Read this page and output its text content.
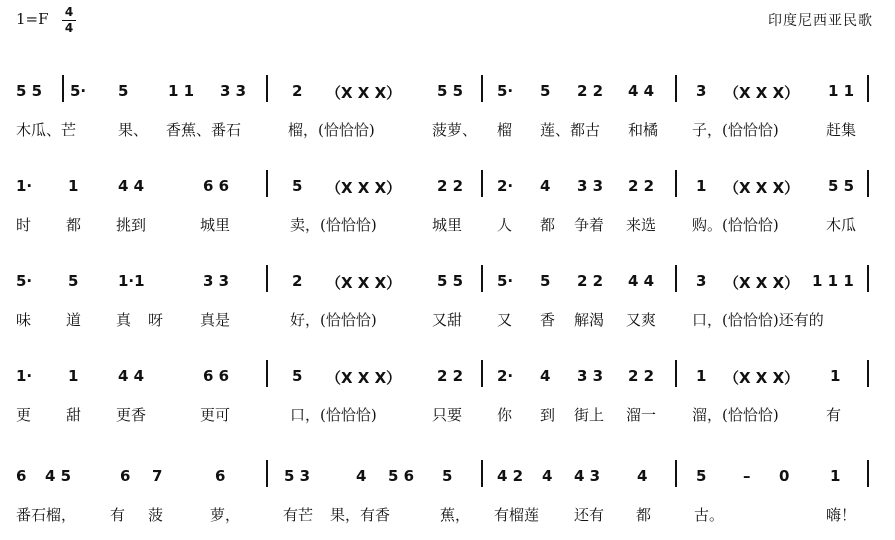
1=F 4
4	印度尼西亚民歌
5 5 5· 5	1 1 3 3	2 （X X X） 5 5 5· 5 2 2 4 4	3 （X X X） 1 1
木瓜、芒	果、 香蕉、番石	榴，(恰恰恰)	菠萝、 榴 莲、都古 和橘 子，(恰恰恰)	赶集
1· 1	4 4	6 6	5 （X X X） 2 2 2· 4 3 3 2 2	1 （X X X） 5 5
时 都 挑到	城里	卖，(恰恰恰)	城里 人 都 争着 来选 购。(恰恰恰)	木瓜
5· 5	1·1	3 3	2 （X X X） 5 5 5· 5 2 2 4 4	3 （X X X） 1 1 1
味 道 真 呀 真是	好，(恰恰恰)	又甜 又 香 解渴 又爽 口，(恰恰恰)还有的
1· 1	4 4	6 6	5 （X X X） 2 2 2· 4 3 3 2 2	1 （X X X） 1
更 甜 更香	更可	口，(恰恰恰)	只要 你 到 街上 溜一 溜，(恰恰恰)	有
6 4 5	6 7	6	5 3	4 5 6 5	4 2 4 4 3 4	5 – 0	1
番石榴， 有 菠	萝，	有芒 果，有香	蕉， 有榴莲 还有 都	古。	嗨！
